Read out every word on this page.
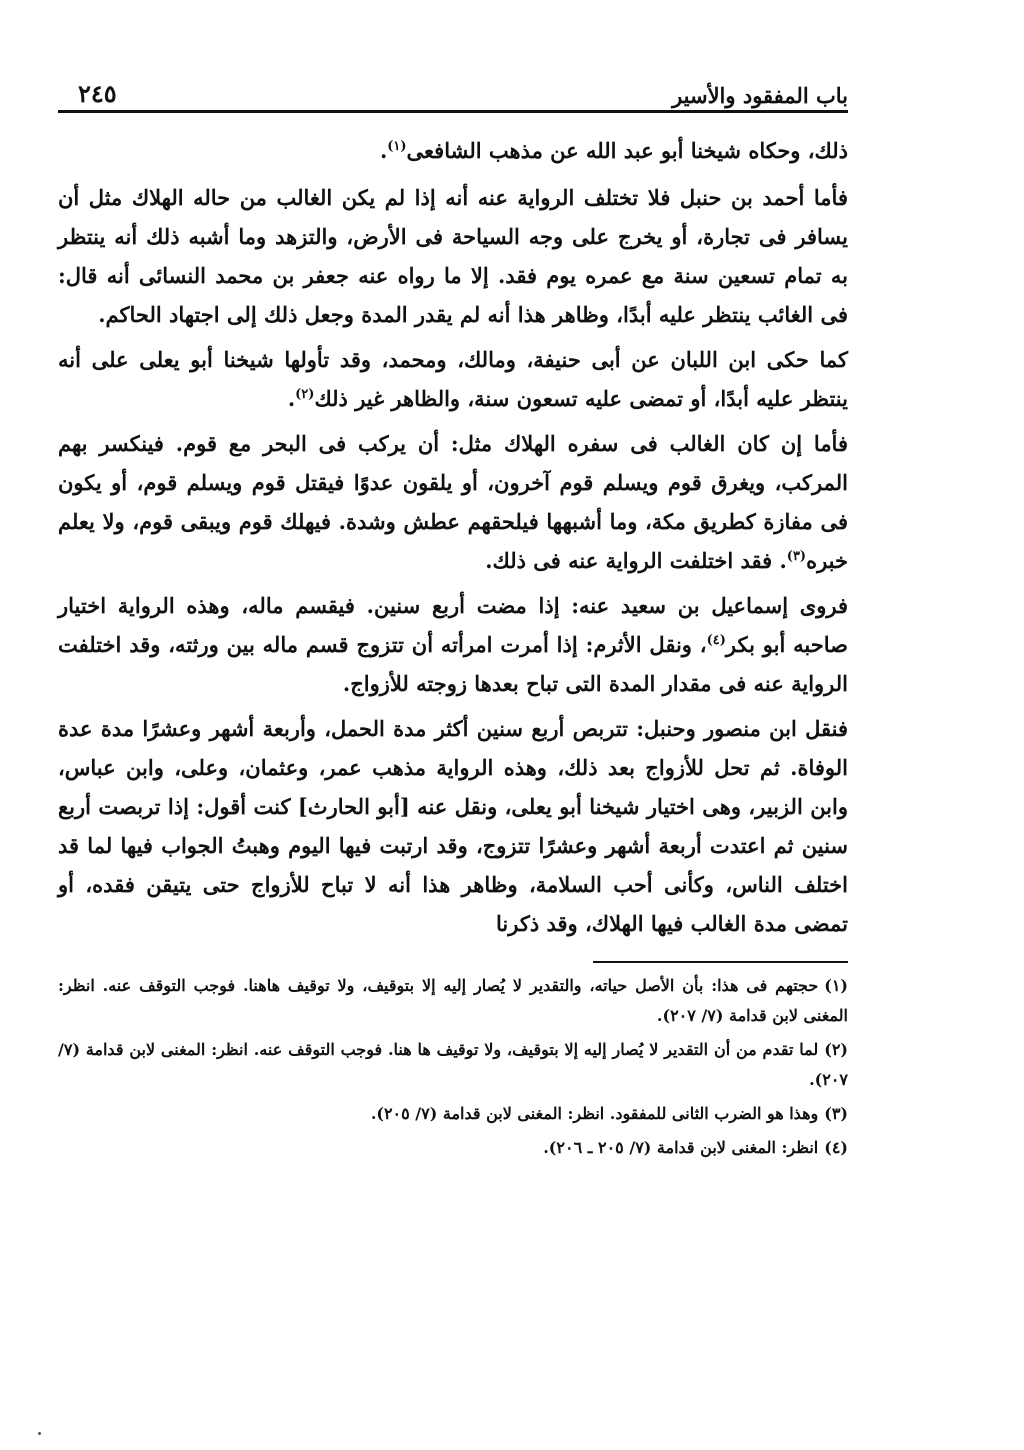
باب المفقود والأسير
٢٤٥

ذلك، وحكاه شيخنا أبو عبد الله عن مذهب الشافعى$^{(١)}$.

فأما أحمد بن حنبل فلا تختلف الرواية عنه أنه إذا لم يكن الغالب من حاله الهلاك مثل أن يسافر فى تجارة، أو يخرج على وجه السياحة فى الأرض، والتزهد وما أشبه ذلك أنه ينتظر به تمام تسعين سنة مع عمره يوم فقد. إلا ما رواه عنه جعفر بن محمد النسائى أنه قال: فى الغائب ينتظر عليه أبدًا، وظاهر هذا أنه لم يقدر المدة وجعل ذلك إلى اجتهاد الحاكم.

كما حكى ابن اللبان عن أبى حنيفة، ومالك، ومحمد، وقد تأولها شيخنا أبو يعلى على أنه ينتظر عليه أبدًا، أو تمضى عليه تسعون سنة، والظاهر غير ذلك$^{(٢)}$.

فأما إن كان الغالب فى سفره الهلاك مثل: أن يركب فى البحر مع قوم. فينكسر بهم المركب، ويغرق قوم ويسلم قوم آخرون، أو يلقون عدوًا فيقتل قوم ويسلم قوم، أو يكون فى مفازة كطريق مكة، وما أشبهها فيلحقهم عطش وشدة. فيهلك قوم ويبقى قوم، ولا يعلم خبره$^{(٣)}$. فقد اختلفت الرواية عنه فى ذلك.

فروى إسماعيل بن سعيد عنه: إذا مضت أربع سنين. فيقسم ماله، وهذه الرواية اختيار صاحبه أبو بكر$^{(٤)}$، ونقل الأثرم: إذا أمرت امرأته أن تتزوج قسم ماله بين ورثته، وقد اختلفت الرواية عنه فى مقدار المدة التى تباح بعدها زوجته للأزواج.

فنقل ابن منصور وحنبل: تتربص أربع سنين أكثر مدة الحمل، وأربعة أشهر وعشرًا مدة عدة الوفاة. ثم تحل للأزواج بعد ذلك، وهذه الرواية مذهب عمر، وعثمان، وعلى، وابن عباس، وابن الزبير، وهى اختيار شيخنا أبو يعلى، ونقل عنه [أبو الحارث] كنت أقول: إذا تربصت أربع سنين ثم اعتدت أربعة أشهر وعشرًا تتزوج، وقد ارتبت فيها اليوم وهبتُ الجواب فيها لما قد اختلف الناس، وكأنى أحب السلامة، وظاهر هذا أنه لا تباح للأزواج حتى يتيقن فقده، أو تمضى مدة الغالب فيها الهلاك، وقد ذكرنا

(١)حجتهم فى هذا: بأن الأصل حياته، والتقدير لا يُصار إليه إلا بتوقيف، ولا توقيف هاهنا. فوجب التوقف عنه. انظر: المغنى لابن قدامة (٧/ ٢٠٧).

(٢)لما تقدم من أن التقدير لا يُصار إليه إلا بتوقيف، ولا توقيف ها هنا. فوجب التوقف عنه. انظر: المغنى لابن قدامة (٧/ ٢٠٧).

(٣)وهذا هو الضرب الثانى للمفقود. انظر: المغنى لابن قدامة (٧/ ٢٠٥).

(٤)انظر: المغنى لابن قدامة (٧/ ٢٠٥ ـ ٢٠٦).
